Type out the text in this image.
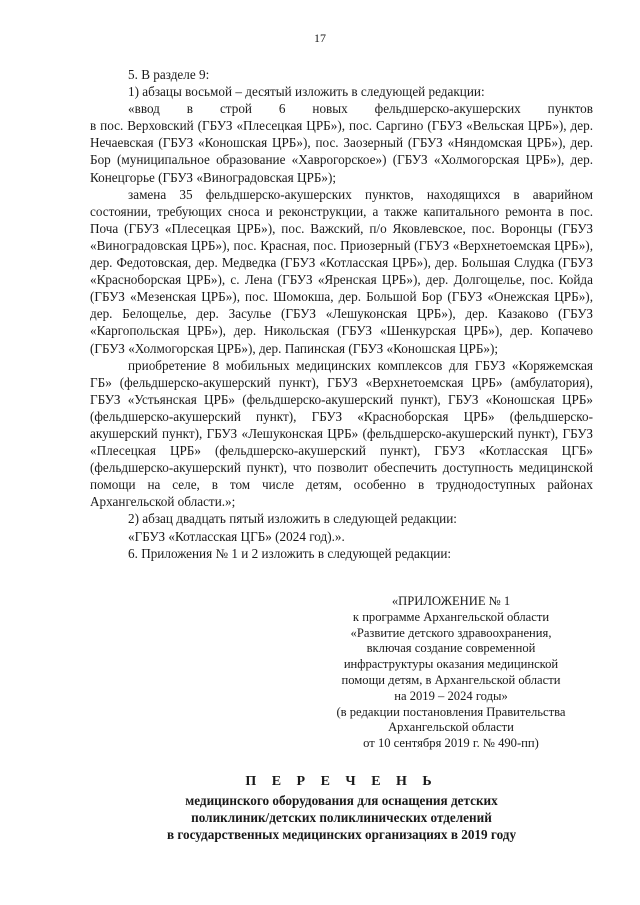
17

5. В разделе 9:

1) абзацы восьмой – десятый изложить в следующей редакции:

«ввод в строй 6 новых фельдшерско-акушерских пунктов

в пос. Верховский (ГБУЗ «Плесецкая ЦРБ»), пос. Саргино (ГБУЗ «Вельская ЦРБ»), дер. Нечаевская (ГБУЗ «Коношская ЦРБ»), пос. Заозерный (ГБУЗ «Няндомская ЦРБ»), дер. Бор (муниципальное образование «Хаврогорское») (ГБУЗ «Холмогорская ЦРБ»), дер. Конецгорье (ГБУЗ «Виноградовская ЦРБ»);

замена 35 фельдшерско-акушерских пунктов, находящихся в аварийном состоянии, требующих сноса и реконструкции, а также капитального ремонта в пос. Поча (ГБУЗ «Плесецкая ЦРБ»), пос. Важский, п/о Яковлевское, пос. Воронцы (ГБУЗ «Виноградовская ЦРБ»), пос. Красная, пос. Приозерный (ГБУЗ «Верхнетоемская ЦРБ»), дер. Федотовская, дер. Медведка (ГБУЗ «Котласская ЦРБ»), дер. Большая Слудка (ГБУЗ «Красноборская ЦРБ»), с. Лена (ГБУЗ «Яренская ЦРБ»), дер. Долгощелье, пос. Койда (ГБУЗ «Мезенская ЦРБ»), пос. Шомокша, дер. Большой Бор (ГБУЗ «Онежская ЦРБ»), дер. Белощелье, дер. Засулье (ГБУЗ «Лешуконская ЦРБ»), дер. Казаково (ГБУЗ «Каргопольская ЦРБ»), дер. Никольская (ГБУЗ «Шенкурская ЦРБ»), дер. Копачево (ГБУЗ «Холмогорская ЦРБ»), дер. Папинская (ГБУЗ «Коношская ЦРБ»);

приобретение 8 мобильных медицинских комплексов для ГБУЗ «Коряжемская ГБ» (фельдшерско-акушерский пункт), ГБУЗ «Верхнетоемская ЦРБ» (амбулатория), ГБУЗ «Устьянская ЦРБ» (фельдшерско-акушерский пункт), ГБУЗ «Коношская ЦРБ» (фельдшерско-акушерский пункт), ГБУЗ «Красноборская ЦРБ» (фельдшерско-акушерский пункт), ГБУЗ «Лешуконская ЦРБ» (фельдшерско-акушерский пункт), ГБУЗ «Плесецкая ЦРБ» (фельдшерско-акушерский пункт), ГБУЗ «Котласская ЦГБ» (фельдшерско-акушерский пункт), что позволит обеспечить доступность медицинской помощи на селе, в том числе детям, особенно в труднодоступных районах Архангельской области.»;

2) абзац двадцать пятый изложить в следующей редакции:

«ГБУЗ «Котласская ЦГБ» (2024 год).».

6. Приложения № 1 и 2 изложить в следующей редакции:

«ПРИЛОЖЕНИЕ № 1
к программе Архангельской области
«Развитие детского здравоохранения,
включая создание современной
инфраструктуры оказания медицинской
помощи детям, в Архангельской области
на 2019 – 2024 годы»
(в редакции постановления Правительства
Архангельской области
от 10 сентября 2019 г. № 490-пп)
П Е Р Е Ч Е Н Ь
медицинского оборудования для оснащения детских
поликлиник/детских поликлинических отделений
в государственных медицинских организациях в 2019 году
